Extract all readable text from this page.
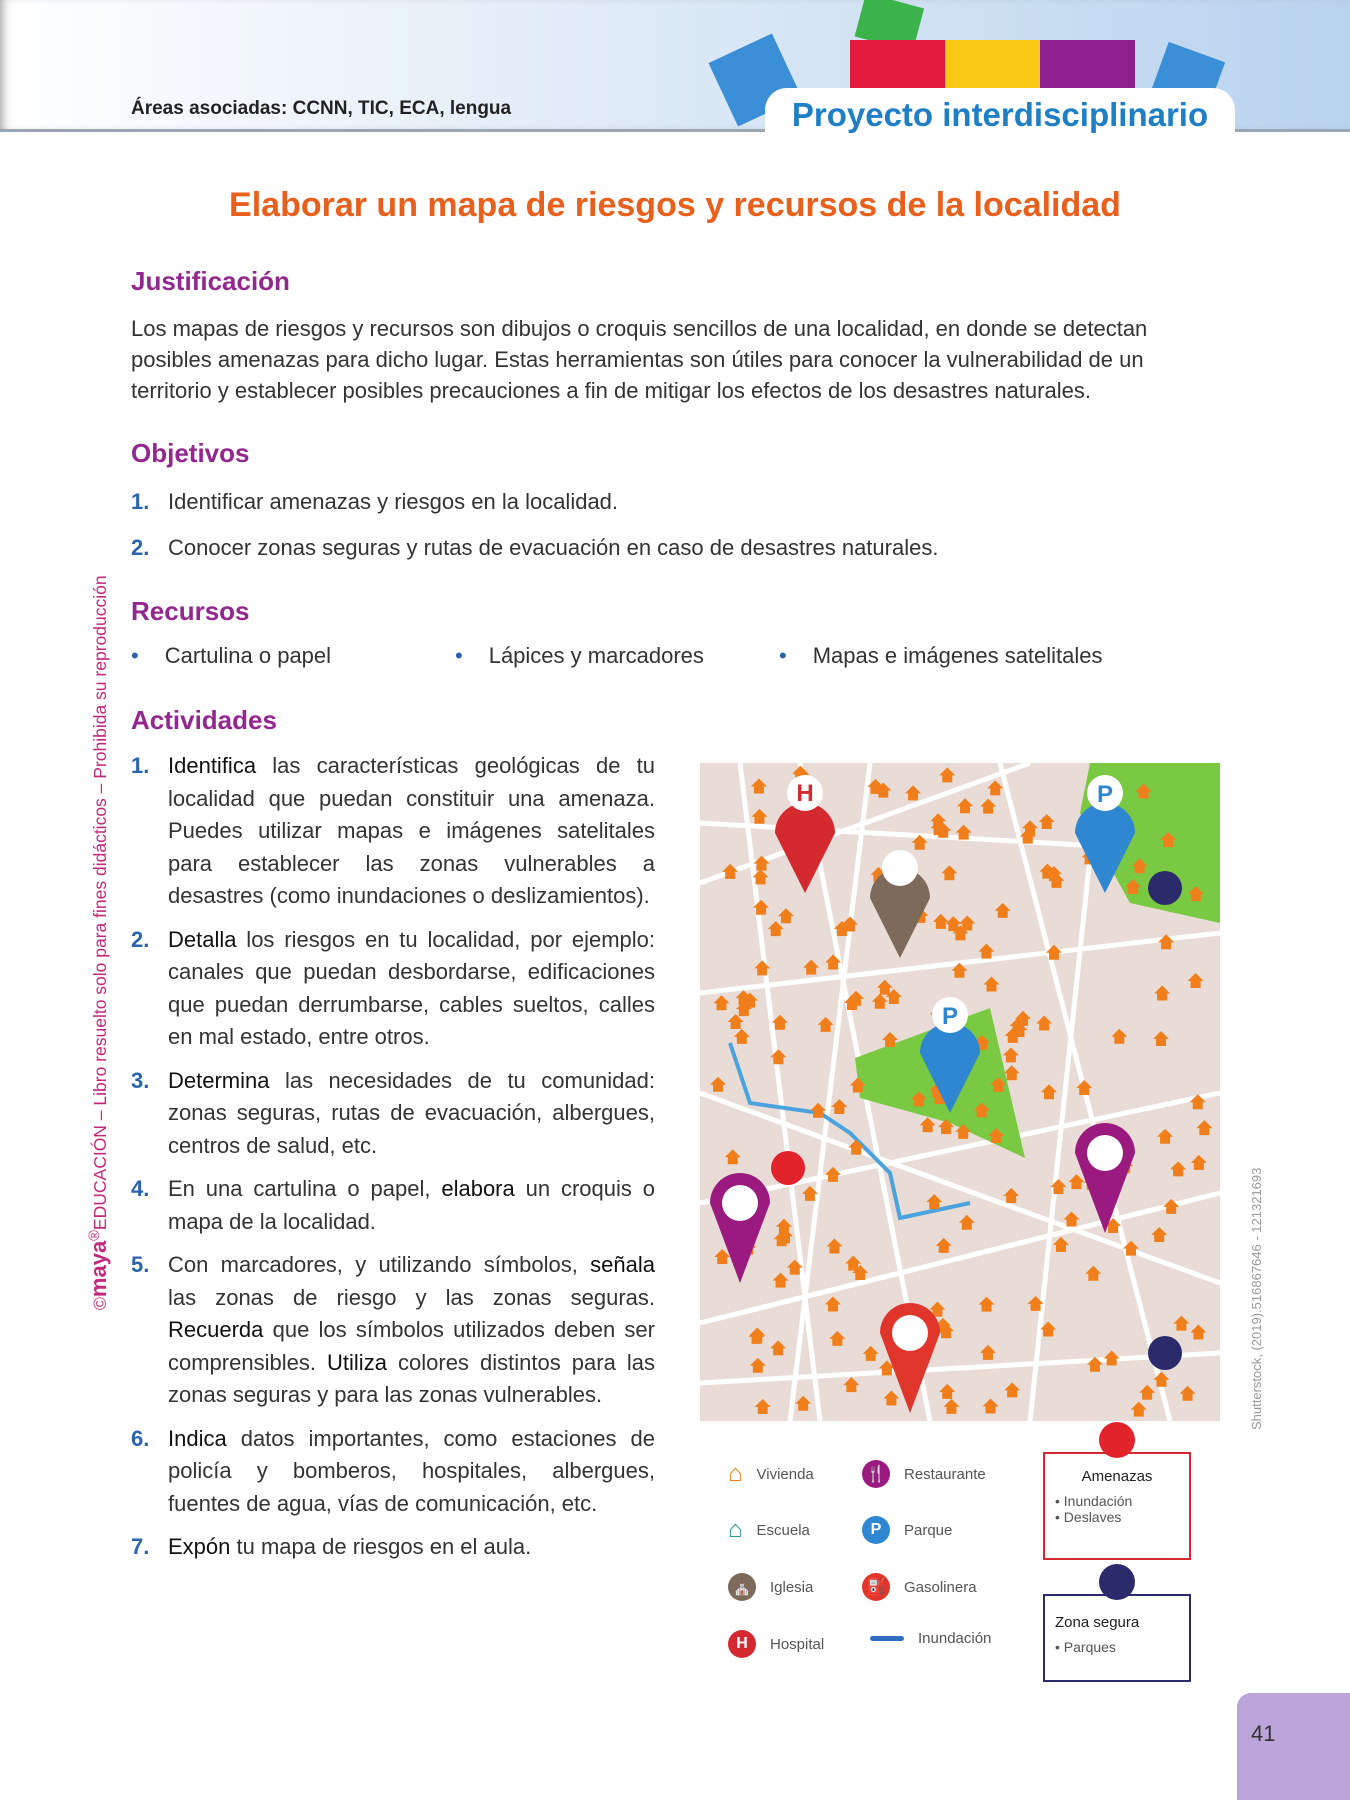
Áreas asociadas: CCNN, TIC, ECA, lengua	Proyecto interdisciplinario
Elaborar un mapa de riesgos y recursos de la localidad
Justificación
Los mapas de riesgos y recursos son dibujos o croquis sencillos de una localidad, en donde se detectan posibles amenazas para dicho lugar. Estas herramientas son útiles para conocer la vulnerabilidad de un territorio y establecer posibles precauciones a fin de mitigar los efectos de los desastres naturales.
Objetivos
1. Identificar amenazas y riesgos en la localidad.
2. Conocer zonas seguras y rutas de evacuación en caso de desastres naturales.
Recursos
• Cartulina o papel	• Lápices y marcadores	• Mapas e imágenes satelitales
Actividades
1. Identifica las características geológicas de tu localidad que puedan constituir una amenaza. Puedes utilizar mapas e imágenes satelitales para establecer las zonas vulnerables a desastres (como inundaciones o deslizamientos).
2. Detalla los riesgos en tu localidad, por ejemplo: canales que puedan desbordarse, edificaciones que puedan derrumbarse, cables sueltos, calles en mal estado, entre otros.
3. Determina las necesidades de tu comunidad: zonas seguras, rutas de evacuación, albergues, centros de salud, etc.
4. En una cartulina o papel, elabora un croquis o mapa de la localidad.
5. Con marcadores, y utilizando símbolos, señala las zonas de riesgo y las zonas seguras. Recuerda que los símbolos utilizados deben ser comprensibles. Utiliza colores distintos para las zonas seguras y para las zonas vulnerables.
6. Indica datos importantes, como estaciones de policía y bomberos, hospitales, albergues, fuentes de agua, vías de comunicación, etc.
7. Expón tu mapa de riesgos en el aula.
H	P
P
⌂ Vivienda	🍴 Restaurante
⌂ Escuela	P	Parque
⛪ Iglesia	⛽ Gasolinera
H	Hospital	Inundación
Amenazas
• Inundación
• Deslaves
Zona segura
• Parques
©maya®EDUCACIÓN – Libro resuelto solo para fines didácticos – Prohibida su reproducción
Shutterstock, (2019).516867646 - 121321693
41
